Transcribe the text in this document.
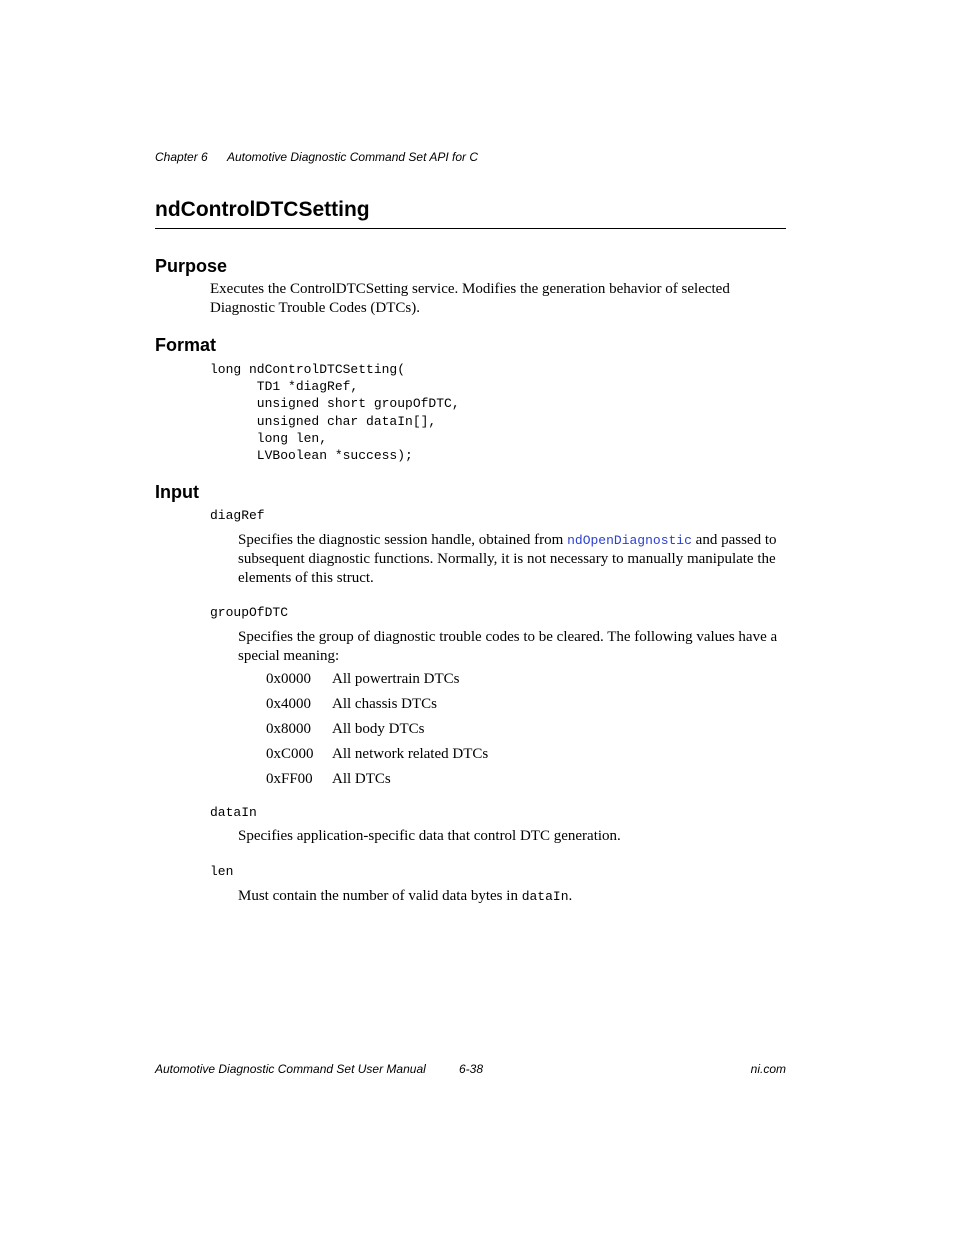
Chapter 6 Automotive Diagnostic Command Set API for C
ndControlDTCSetting
Purpose

Executes the ControlDTCSetting service. Modifies the generation behavior of selected Diagnostic Trouble Codes (DTCs).

Format
long ndControlDTCSetting(
TD1 *diagRef,
unsigned short groupOfDTC,
unsigned char dataIn[],
long len,
LVBoolean *success);
Input
diagRef

Specifies the diagnostic session handle, obtained from ndOpenDiagnostic and passed to subsequent diagnostic functions. Normally, it is not necessary to manually manipulate the elements of this struct.

groupOfDTC

Specifies the group of diagnostic trouble codes to be cleared. The following values have a special meaning:

0x0000 All powertrain DTCs
0x4000 All chassis DTCs
0x8000 All body DTCs
0xC000 All network related DTCs
0xFF00 All DTCs
dataIn

Specifies application-specific data that control DTC generation.

len

Must contain the number of valid data bytes in dataIn.

Automotive Diagnostic Command Set User Manual	6-38	ni.com
